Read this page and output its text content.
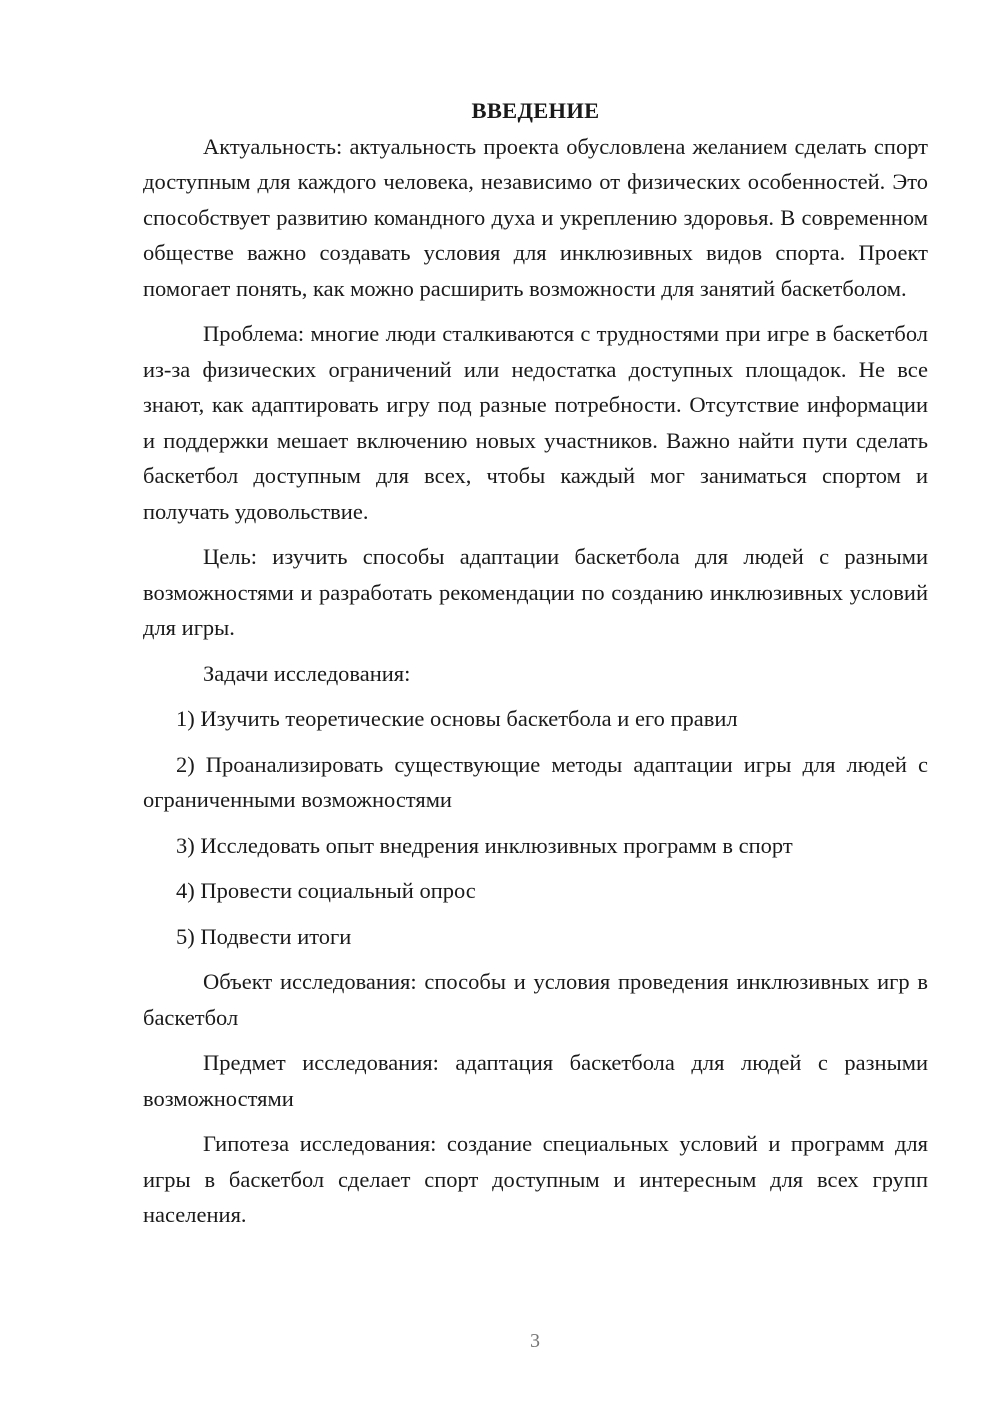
ВВЕДЕНИЕ

Актуальность: актуальность проекта обусловлена желанием сделать спорт доступным для каждого человека, независимо от физических особенностей. Это способствует развитию командного духа и укреплению здоровья. В современном обществе важно создавать условия для инклюзивных видов спорта. Проект помогает понять, как можно расширить возможности для занятий баскетболом.

Проблема: многие люди сталкиваются с трудностями при игре в баскетбол из-за физических ограничений или недостатка доступных площадок. Не все знают, как адаптировать игру под разные потребности. Отсутствие информации и поддержки мешает включению новых участников. Важно найти пути сделать баскетбол доступным для всех, чтобы каждый мог заниматься спортом и получать удовольствие.

Цель: изучить способы адаптации баскетбола для людей с разными возможностями и разработать рекомендации по созданию инклюзивных условий для игры.

Задачи исследования:

1) Изучить теоретические основы баскетбола и его правил

2) Проанализировать существующие методы адаптации игры для людей с ограниченными возможностями

3) Исследовать опыт внедрения инклюзивных программ в спорт

4) Провести социальный опрос

5) Подвести итоги

Объект исследования: способы и условия проведения инклюзивных игр в баскетбол

Предмет исследования: адаптация баскетбола для людей с разными возможностями

Гипотеза исследования: создание специальных условий и программ для игры в баскетбол сделает спорт доступным и интересным для всех групп населения.

3
